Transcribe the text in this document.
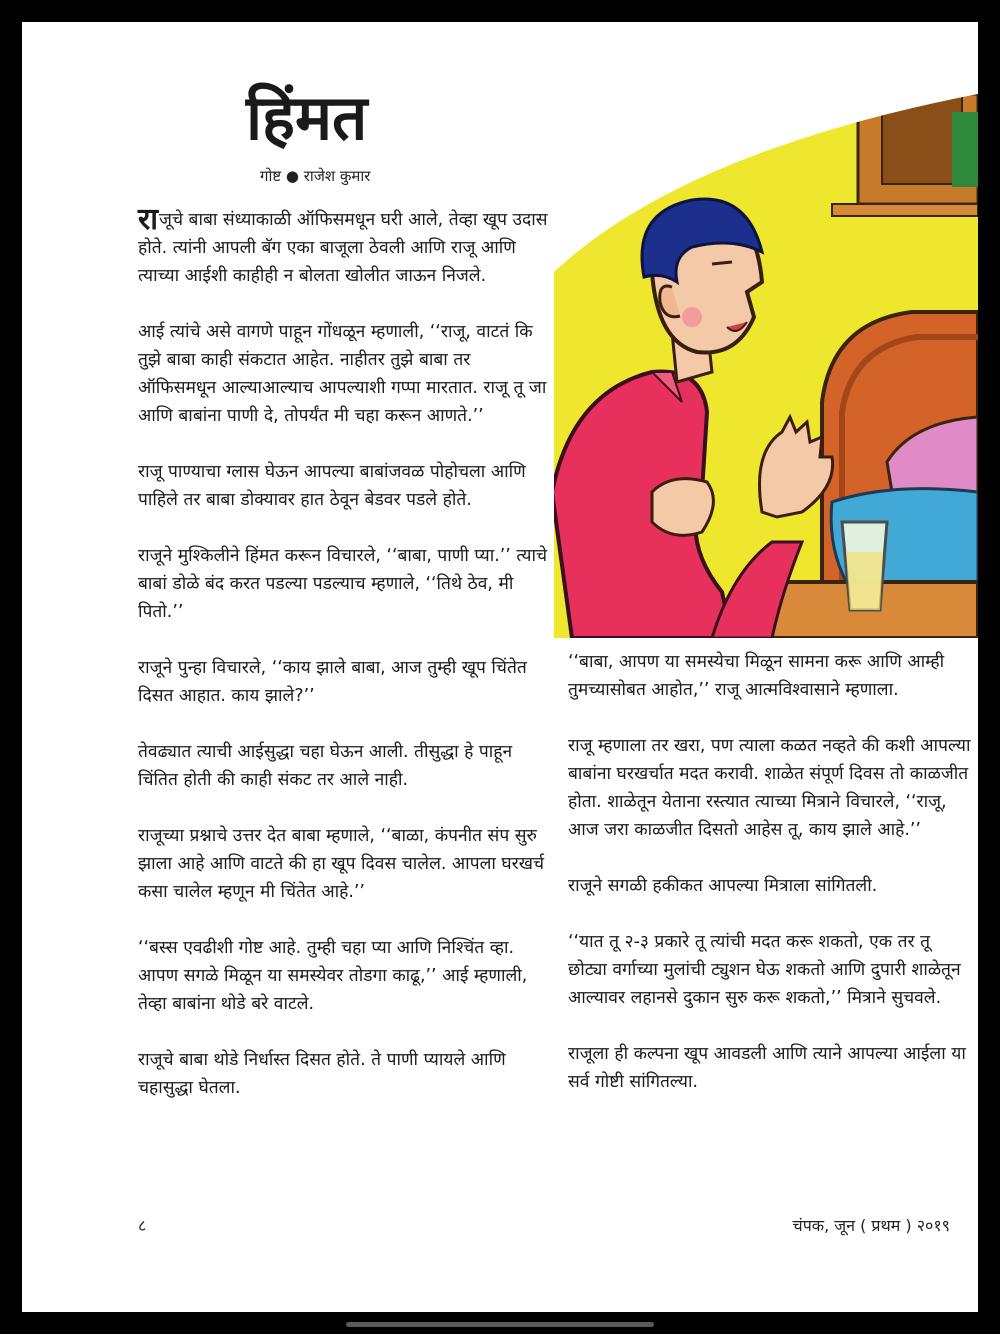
हिंमत
गोष्ट ● राजेश कुमार

राजूचे बाबा संध्याकाळी ऑफिसमधून घरी आले, तेव्हा खूप उदास होते. त्यांनी आपली बॅग एका बाजूला ठेवली आणि राजू आणि त्याच्या आईशी काहीही न बोलता खोलीत जाऊन निजले.

आई त्यांचे असे वागणे पाहून गोंधळून म्हणाली, ‘‘राजू, वाटतं कि तुझे बाबा काही संकटात आहेत. नाहीतर तुझे बाबा तर ऑफिसमधून आल्याआल्याच आपल्याशी गप्पा मारतात. राजू तू जा आणि बाबांना पाणी दे, तोपर्यंत मी चहा करून आणते.’’

राजू पाण्याचा ग्लास घेऊन आपल्या बाबांजवळ पोहोचला आणि पाहिले तर बाबा डोक्यावर हात ठेवून बेडवर पडले होते.

राजूने मुश्किलीने हिंमत करून विचारले, ‘‘बाबा, पाणी प्या.’’ त्याचे बाबां डोळे बंद करत पडल्या पडल्याच म्हणाले, ‘‘तिथे ठेव, मी पितो.’’

राजूने पुन्हा विचारले, ‘‘काय झाले बाबा, आज तुम्ही खूप चिंतेत दिसत आहात. काय झाले?’’

तेवढ्यात त्याची आईसुद्धा चहा घेऊन आली. तीसुद्धा हे पाहून चिंतित होती की काही संकट तर आले नाही.

राजूच्या प्रश्नाचे उत्तर देत बाबा म्हणाले, ‘‘बाळा, कंपनीत संप सुरु झाला आहे आणि वाटते की हा खूप दिवस चालेल. आपला घरखर्च कसा चालेल म्हणून मी चिंतेत आहे.’’

‘‘बस्स एवढीशी गोष्ट आहे. तुम्ही चहा प्या आणि निश्चिंत व्हा. आपण सगळे मिळून या समस्येवर तोडगा काढू,’’ आई म्हणाली, तेव्हा बाबांना थोडे बरे वाटले.

राजूचे बाबा थोडे निर्धास्त दिसत होते. ते पाणी प्यायले आणि चहासुद्धा घेतला.

‘‘बाबा, आपण या समस्येचा मिळून सामना करू आणि आम्ही तुमच्यासोबत आहोत,’’ राजू आत्मविश्वासाने म्हणाला.

राजू म्हणाला तर खरा, पण त्याला कळत नव्हते की कशी आपल्या बाबांना घरखर्चात मदत करावी. शाळेत संपूर्ण दिवस तो काळजीत होता. शाळेतून येताना रस्त्यात त्याच्या मित्राने विचारले, ‘‘राजू, आज जरा काळजीत दिसतो आहेस तू, काय झाले आहे.’’

राजूने सगळी हकीकत आपल्या मित्राला सांगितली.

‘‘यात तू २-३ प्रकारे तू त्यांची मदत करू शकतो, एक तर तू छोट्या वर्गाच्या मुलांची ट्युशन घेऊ शकतो आणि दुपारी शाळेतून आल्यावर लहानसे दुकान सुरु करू शकतो,’’ मित्राने सुचवले.

राजूला ही कल्पना खूप आवडली आणि त्याने आपल्या आईला या सर्व गोष्टी सांगितल्या.

८	चंपक, जून ( प्रथम ) २०१९
